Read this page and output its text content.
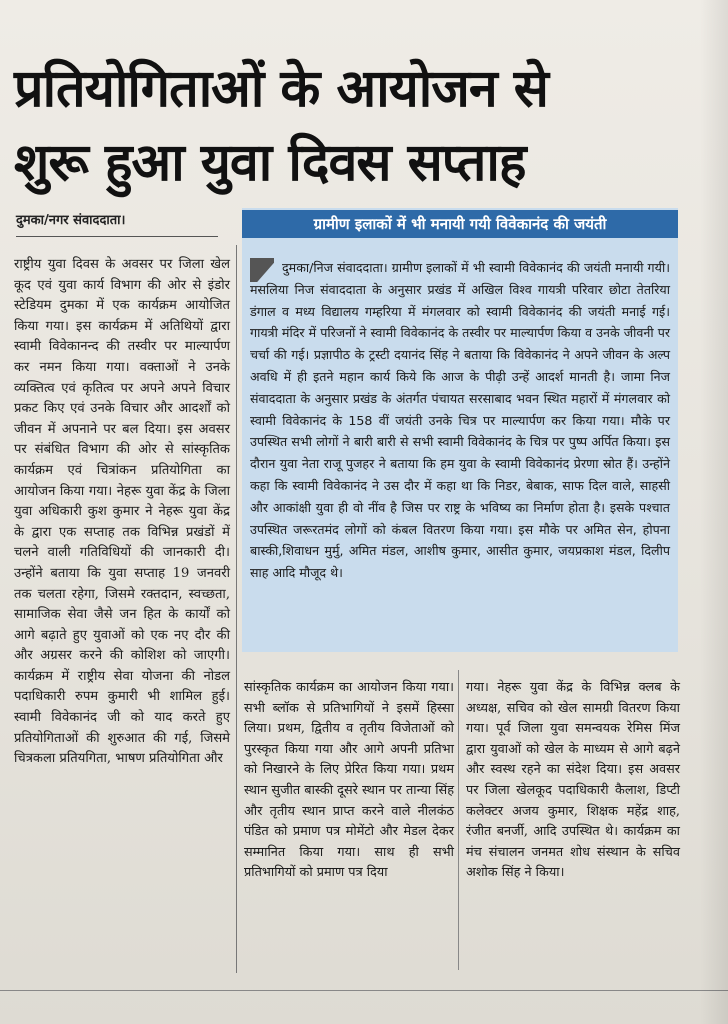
प्रतियोगिताओं के आयोजन से
शुरू हुआ युवा दिवस सप्ताह
दुमका/नगर संवाददाता।

राष्ट्रीय युवा दिवस के अवसर पर जिला खेल कूद एवं युवा कार्य विभाग की ओर से इंडोर स्टेडियम दुमका में एक कार्यक्रम आयोजित किया गया। इस कार्यक्रम में अतिथियों द्वारा स्वामी विवेकानन्द की तस्वीर पर माल्यार्पण कर नमन किया गया। वक्ताओं ने उनके व्यक्तित्व एवं कृतित्व पर अपने अपने विचार प्रकट किए एवं उनके विचार और आदर्शों को जीवन में अपनाने पर बल दिया। इस अवसर पर संबंधित विभाग की ओर से सांस्कृतिक कार्यक्रम एवं चित्रांकन प्रतियोगिता का आयोजन किया गया। नेहरू युवा केंद्र के जिला युवा अधिकारी कुश कुमार ने नेहरू युवा केंद्र के द्वारा एक सप्ताह तक विभिन्न प्रखंडों में चलने वाली गतिविधियों की जानकारी दी। उन्होंने बताया कि युवा सप्ताह 19 जनवरी तक चलता रहेगा, जिसमे रक्तदान, स्वच्छता, सामाजिक सेवा जैसे जन हित के कार्यों को आगे बढ़ाते हुए युवाओं को एक नए दौर की और अग्रसर करने की कोशिश को जाएगी। कार्यक्रम में राष्ट्रीय सेवा योजना की नोडल पदाधिकारी रुपम कुमारी भी शामिल हुई। स्वामी विवेकानंद जी को याद करते हुए प्रतियोगिताओं की शुरुआत की गई, जिसमे चित्रकला प्रतियगिता, भाषण प्रतियोगिता और

ग्रामीण इलाकों में भी मनायी गयी विवेकानंद की जयंती

दुमका/निज संवाददाता। ग्रामीण इलाकों में भी स्वामी विवेकानंद की जयंती मनायी गयी। मसलिया निज संवाददाता के अनुसार प्रखंड में अखिल विश्व गायत्री परिवार छोटा तेतरिया डंगाल व मध्य विद्यालय गम्हरिया में मंगलवार को स्वामी विवेकानंद की जयंती मनाई गई। गायत्री मंदिर में परिजनों ने स्वामी विवेकानंद के तस्वीर पर माल्यार्पण किया व उनके जीवनी पर चर्चा की गई। प्रज्ञापीठ के ट्रस्टी दयानंद सिंह ने बताया कि विवेकानंद ने अपने जीवन के अल्प अवधि में ही इतने महान कार्य किये कि आज के पीढ़ी उन्हें आदर्श मानती है। जामा निज संवाददाता के अनुसार प्रखंड के अंतर्गत पंचायत सरसाबाद भवन स्थित महारों में मंगलवार को स्वामी विवेकानंद के 158 वीं जयंती उनके चित्र पर माल्यार्पण कर किया गया। मौके पर उपस्थित सभी लोगों ने बारी बारी से सभी स्वामी विवेकानंद के चित्र पर पुष्प अर्पित किया। इस दौरान युवा नेता राजू पुजहर ने बताया कि हम युवा के स्वामी विवेकानंद प्रेरणा स्रोत हैं। उन्होंने कहा कि स्वामी विवेकानंद ने उस दौर में कहा था कि निडर, बेबाक, साफ दिल वाले, साहसी और आकांक्षी युवा ही वो नींव है जिस पर राष्ट्र के भविष्य का निर्माण होता है। इसके पश्चात उपस्थित जरूरतमंद लोगों को कंबल वितरण किया गया। इस मौके पर अमित सेन, होपना बास्की,शिवाधन मुर्मु, अमित मंडल, आशीष कुमार, आसीत कुमार, जयप्रकाश मंडल, दिलीप साह आदि मौजूद थे।

सांस्कृतिक कार्यक्रम का आयोजन किया गया। सभी ब्लॉक से प्रतिभागियों ने इसमें हिस्सा लिया। प्रथम, द्वितीय व तृतीय विजेताओं को पुरस्कृत किया गया और आगे अपनी प्रतिभा को निखारने के लिए प्रेरित किया गया। प्रथम स्थान सुजीत बास्की दूसरे स्थान पर तान्या सिंह और तृतीय स्थान प्राप्त करने वाले नीलकंठ पंडित को प्रमाण पत्र मोमेंटो और मेडल देकर सम्मानित किया गया। साथ ही सभी प्रतिभागियों को प्रमाण पत्र दिया

गया। नेहरू युवा केंद्र के विभिन्न क्लब के अध्यक्ष, सचिव को खेल सामग्री वितरण किया गया। पूर्व जिला युवा समन्वयक रेमिस मिंज द्वारा युवाओं को खेल के माध्यम से आगे बढ़ने और स्वस्थ रहने का संदेश दिया। इस अवसर पर जिला खेलकूद पदाधिकारी कैलाश, डिप्टी कलेक्टर अजय कुमार, शिक्षक महेंद्र शाह, रंजीत बनर्जी, आदि उपस्थित थे। कार्यक्रम का मंच संचालन जनमत शोध संस्थान के सचिव अशोक सिंह ने किया।
